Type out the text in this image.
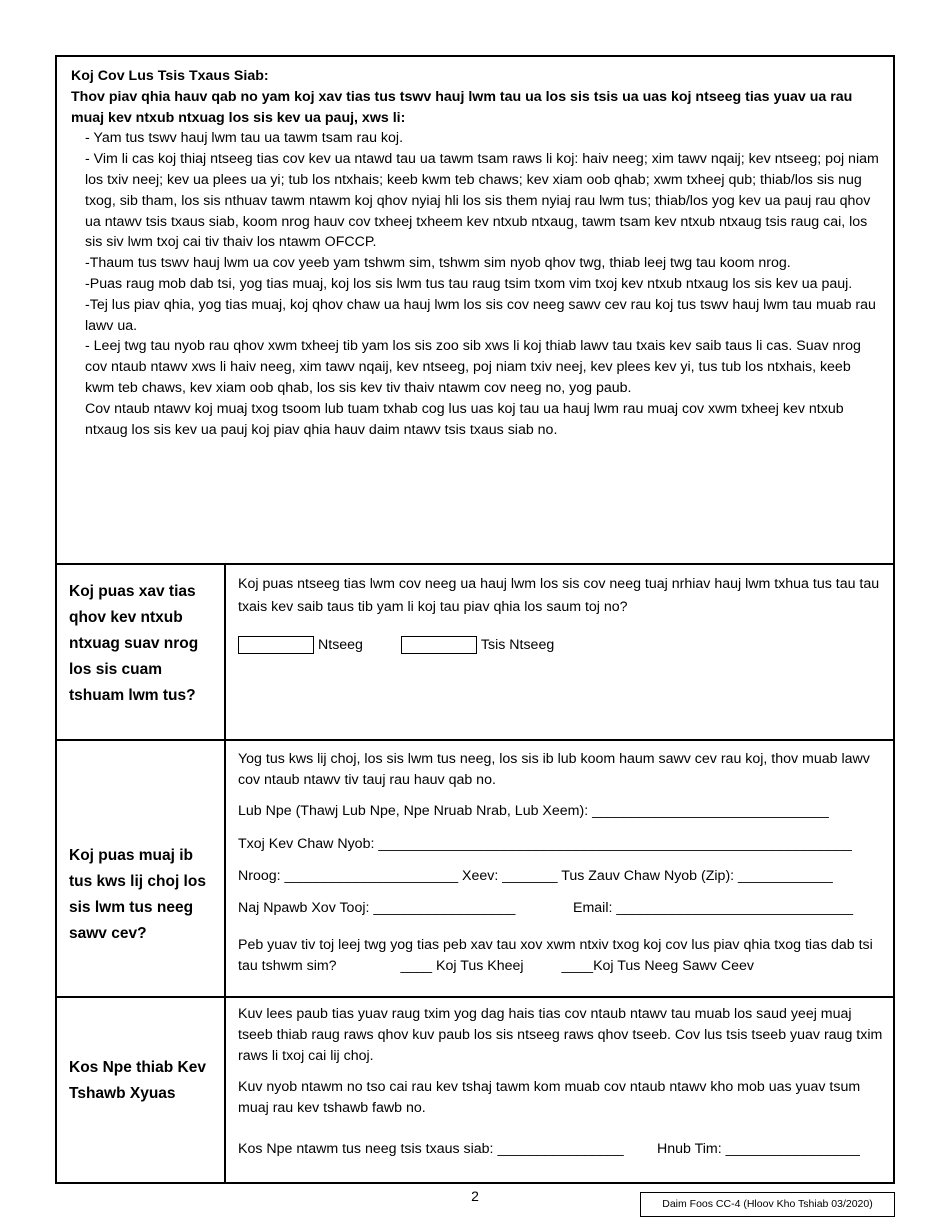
Koj Cov Lus Tsis Txaus Siab:
Thov piav qhia hauv qab no yam koj xav tias tus tswv hauj lwm tau ua los sis tsis ua uas koj ntseeg tias yuav ua rau muaj kev ntxub ntxuag los sis kev ua pauj, xws li:
- Yam tus tswv hauj lwm tau ua tawm tsam rau koj.
- Vim li cas koj thiaj ntseeg tias cov kev ua ntawd tau ua tawm tsam raws li koj: haiv neeg; xim tawv nqaij; kev ntseeg; poj niam los txiv neej; kev ua plees ua yi; tub los ntxhais; keeb kwm teb chaws; kev xiam oob qhab; xwm txheej qub; thiab/los sis nug txog, sib tham, los sis nthuav tawm ntawm koj qhov nyiaj hli los sis them nyiaj rau lwm tus; thiab/los yog kev ua pauj rau qhov ua ntawv tsis txaus siab, koom nrog hauv cov txheej txheem kev ntxub ntxaug, tawm tsam kev ntxub ntxaug tsis raug cai, los sis siv lwm txoj cai tiv thaiv los ntawm OFCCP.
-Thaum tus tswv hauj lwm ua cov yeeb yam tshwm sim, tshwm sim nyob qhov twg, thiab leej twg tau koom nrog.
-Puas raug mob dab tsi, yog tias muaj, koj los sis lwm tus tau raug tsim txom vim txoj kev ntxub ntxaug los sis kev ua pauj.
-Tej lus piav qhia, yog tias muaj, koj qhov chaw ua hauj lwm los sis cov neeg sawv cev rau koj tus tswv hauj lwm tau muab rau lawv ua.
- Leej twg tau nyob rau qhov xwm txheej tib yam los sis zoo sib xws li koj thiab lawv tau txais kev saib taus li cas. Suav nrog cov ntaub ntawv xws li haiv neeg, xim tawv nqaij, kev ntseeg, poj niam txiv neej, kev plees kev yi, tus tub los ntxhais, keeb kwm teb chaws, kev xiam oob qhab, los sis kev tiv thaiv ntawm cov neeg no, yog paub.
Cov ntaub ntawv koj muaj txog tsoom lub tuam txhab cog lus uas koj tau ua hauj lwm rau muaj cov xwm txheej kev ntxub ntxaug los sis kev ua pauj koj piav qhia hauv daim ntawv tsis txaus siab no.
Koj puas xav tias qhov kev ntxub ntxuag suav nrog los sis cuam tshuam lwm tus?
Koj puas ntseeg tias lwm cov neeg ua hauj lwm los sis cov neeg tuaj nrhiav hauj lwm txhua tus tau tau txais kev saib taus tib yam li koj tau piav qhia los saum toj no?
Ntseeg	Tsis Ntseeg
Koj puas muaj ib tus kws lij choj los sis lwm tus neeg sawv cev?
Yog tus kws lij choj, los sis lwm tus neeg, los sis ib lub koom haum sawv cev rau koj, thov muab lawv cov ntaub ntawv tiv tauj rau hauv qab no.
Lub Npe (Thawj Lub Npe, Npe Nruab Nrab, Lub Xeem): ______________________________
Txoj Kev Chaw Nyob: ____________________________________________________________
Nroog: ______________________ Xeev: _______ Tus Zauv Chaw Nyob (Zip): ____________
Naj Npawb Xov Tooj: __________________	Email: ______________________________
Peb yuav tiv toj leej twg yog tias peb xav tau xov xwm ntxiv txog koj cov lus piav qhia txog tias dab tsi tau tshwm sim?	____ Koj Tus Kheej	____Koj Tus Neeg Sawv Ceev
Kos Npe thiab Kev Tshawb Xyuas
Kuv lees paub tias yuav raug txim yog dag hais tias cov ntaub ntawv tau muab los saud yeej muaj tseeb thiab raug raws qhov kuv paub los sis ntseeg raws qhov tseeb. Cov lus tsis tseeb yuav raug txim raws li txoj cai lij choj.
Kuv nyob ntawm no tso cai rau kev tshaj tawm kom muab cov ntaub ntawv kho mob uas yuav tsum muaj rau kev tshawb fawb no.
Kos Npe ntawm tus neeg tsis txaus siab: ________________ Hnub Tim: _________________
2	Daim Foos CC-4 (Hloov Kho Tshiab 03/2020)
